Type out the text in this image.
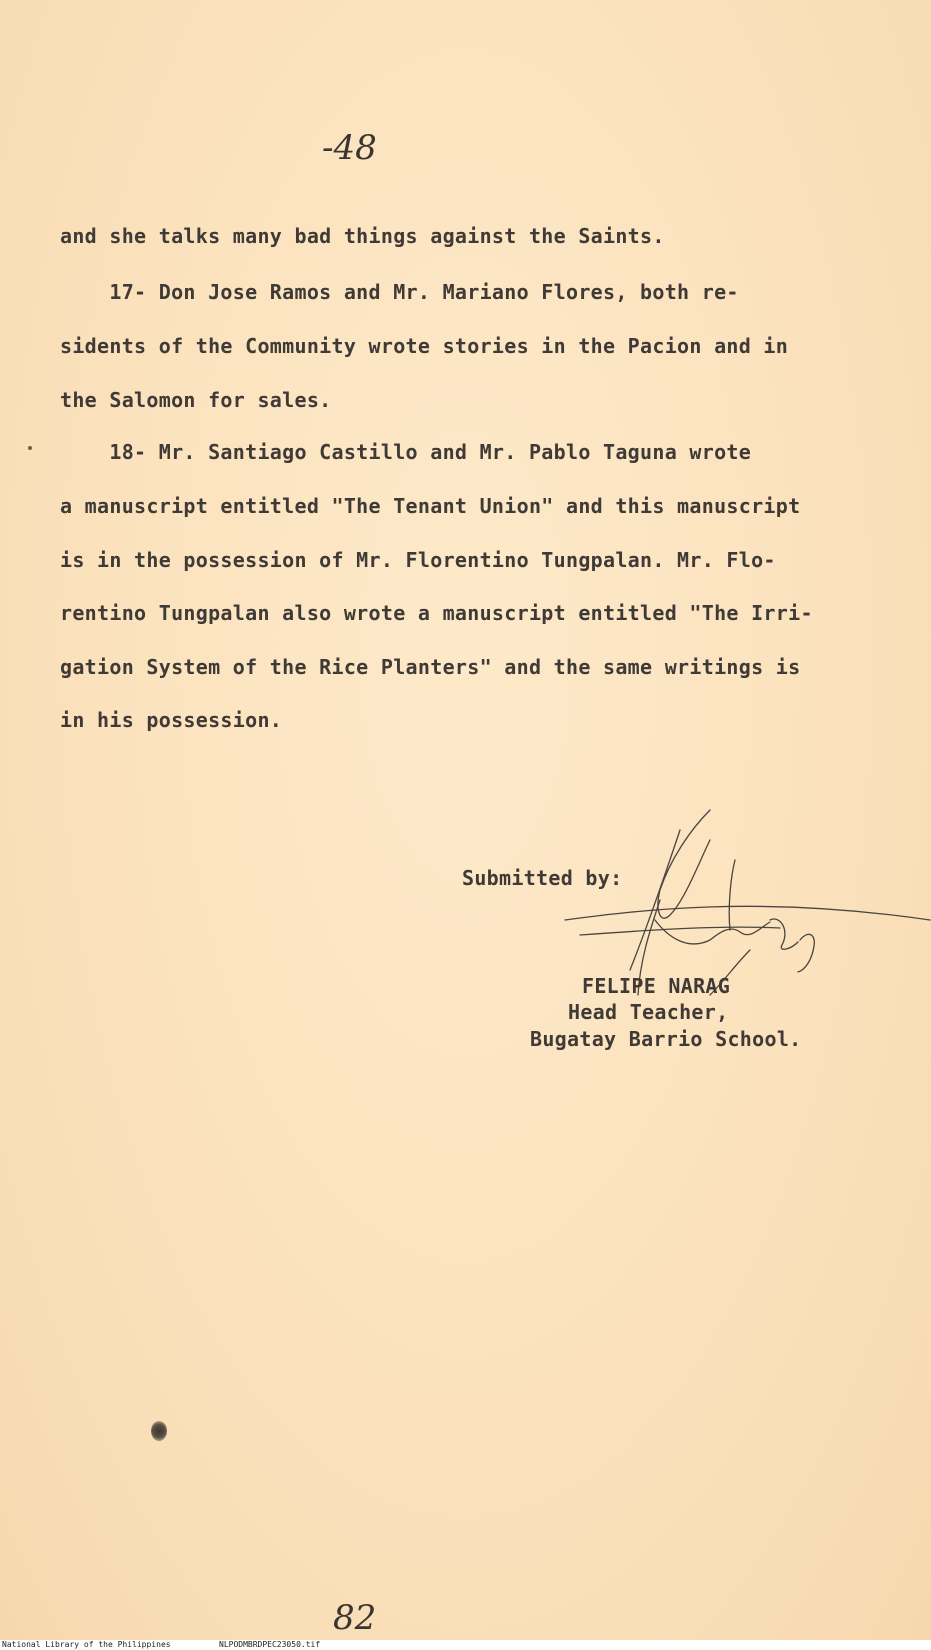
-48
and she talks many bad things against the Saints.
17- Don Jose Ramos and Mr. Mariano Flores, both re-
sidents of the Community wrote stories in the Pacion and in
the Salomon for sales.
18- Mr. Santiago Castillo and Mr. Pablo Taguna wrote
a manuscript entitled "The Tenant Union" and this manuscript
is in the possession of Mr. Florentino Tungpalan. Mr. Flo-
rentino Tungpalan also wrote a manuscript entitled "The Irri-
gation System of the Rice Planters" and the same writings is
in his possession.
Submitted by:
FELIPE NARAG
Head Teacher,
Bugatay Barrio School.
82
National Library of the Philippines	NLPODMBRDPEC23050.tif
